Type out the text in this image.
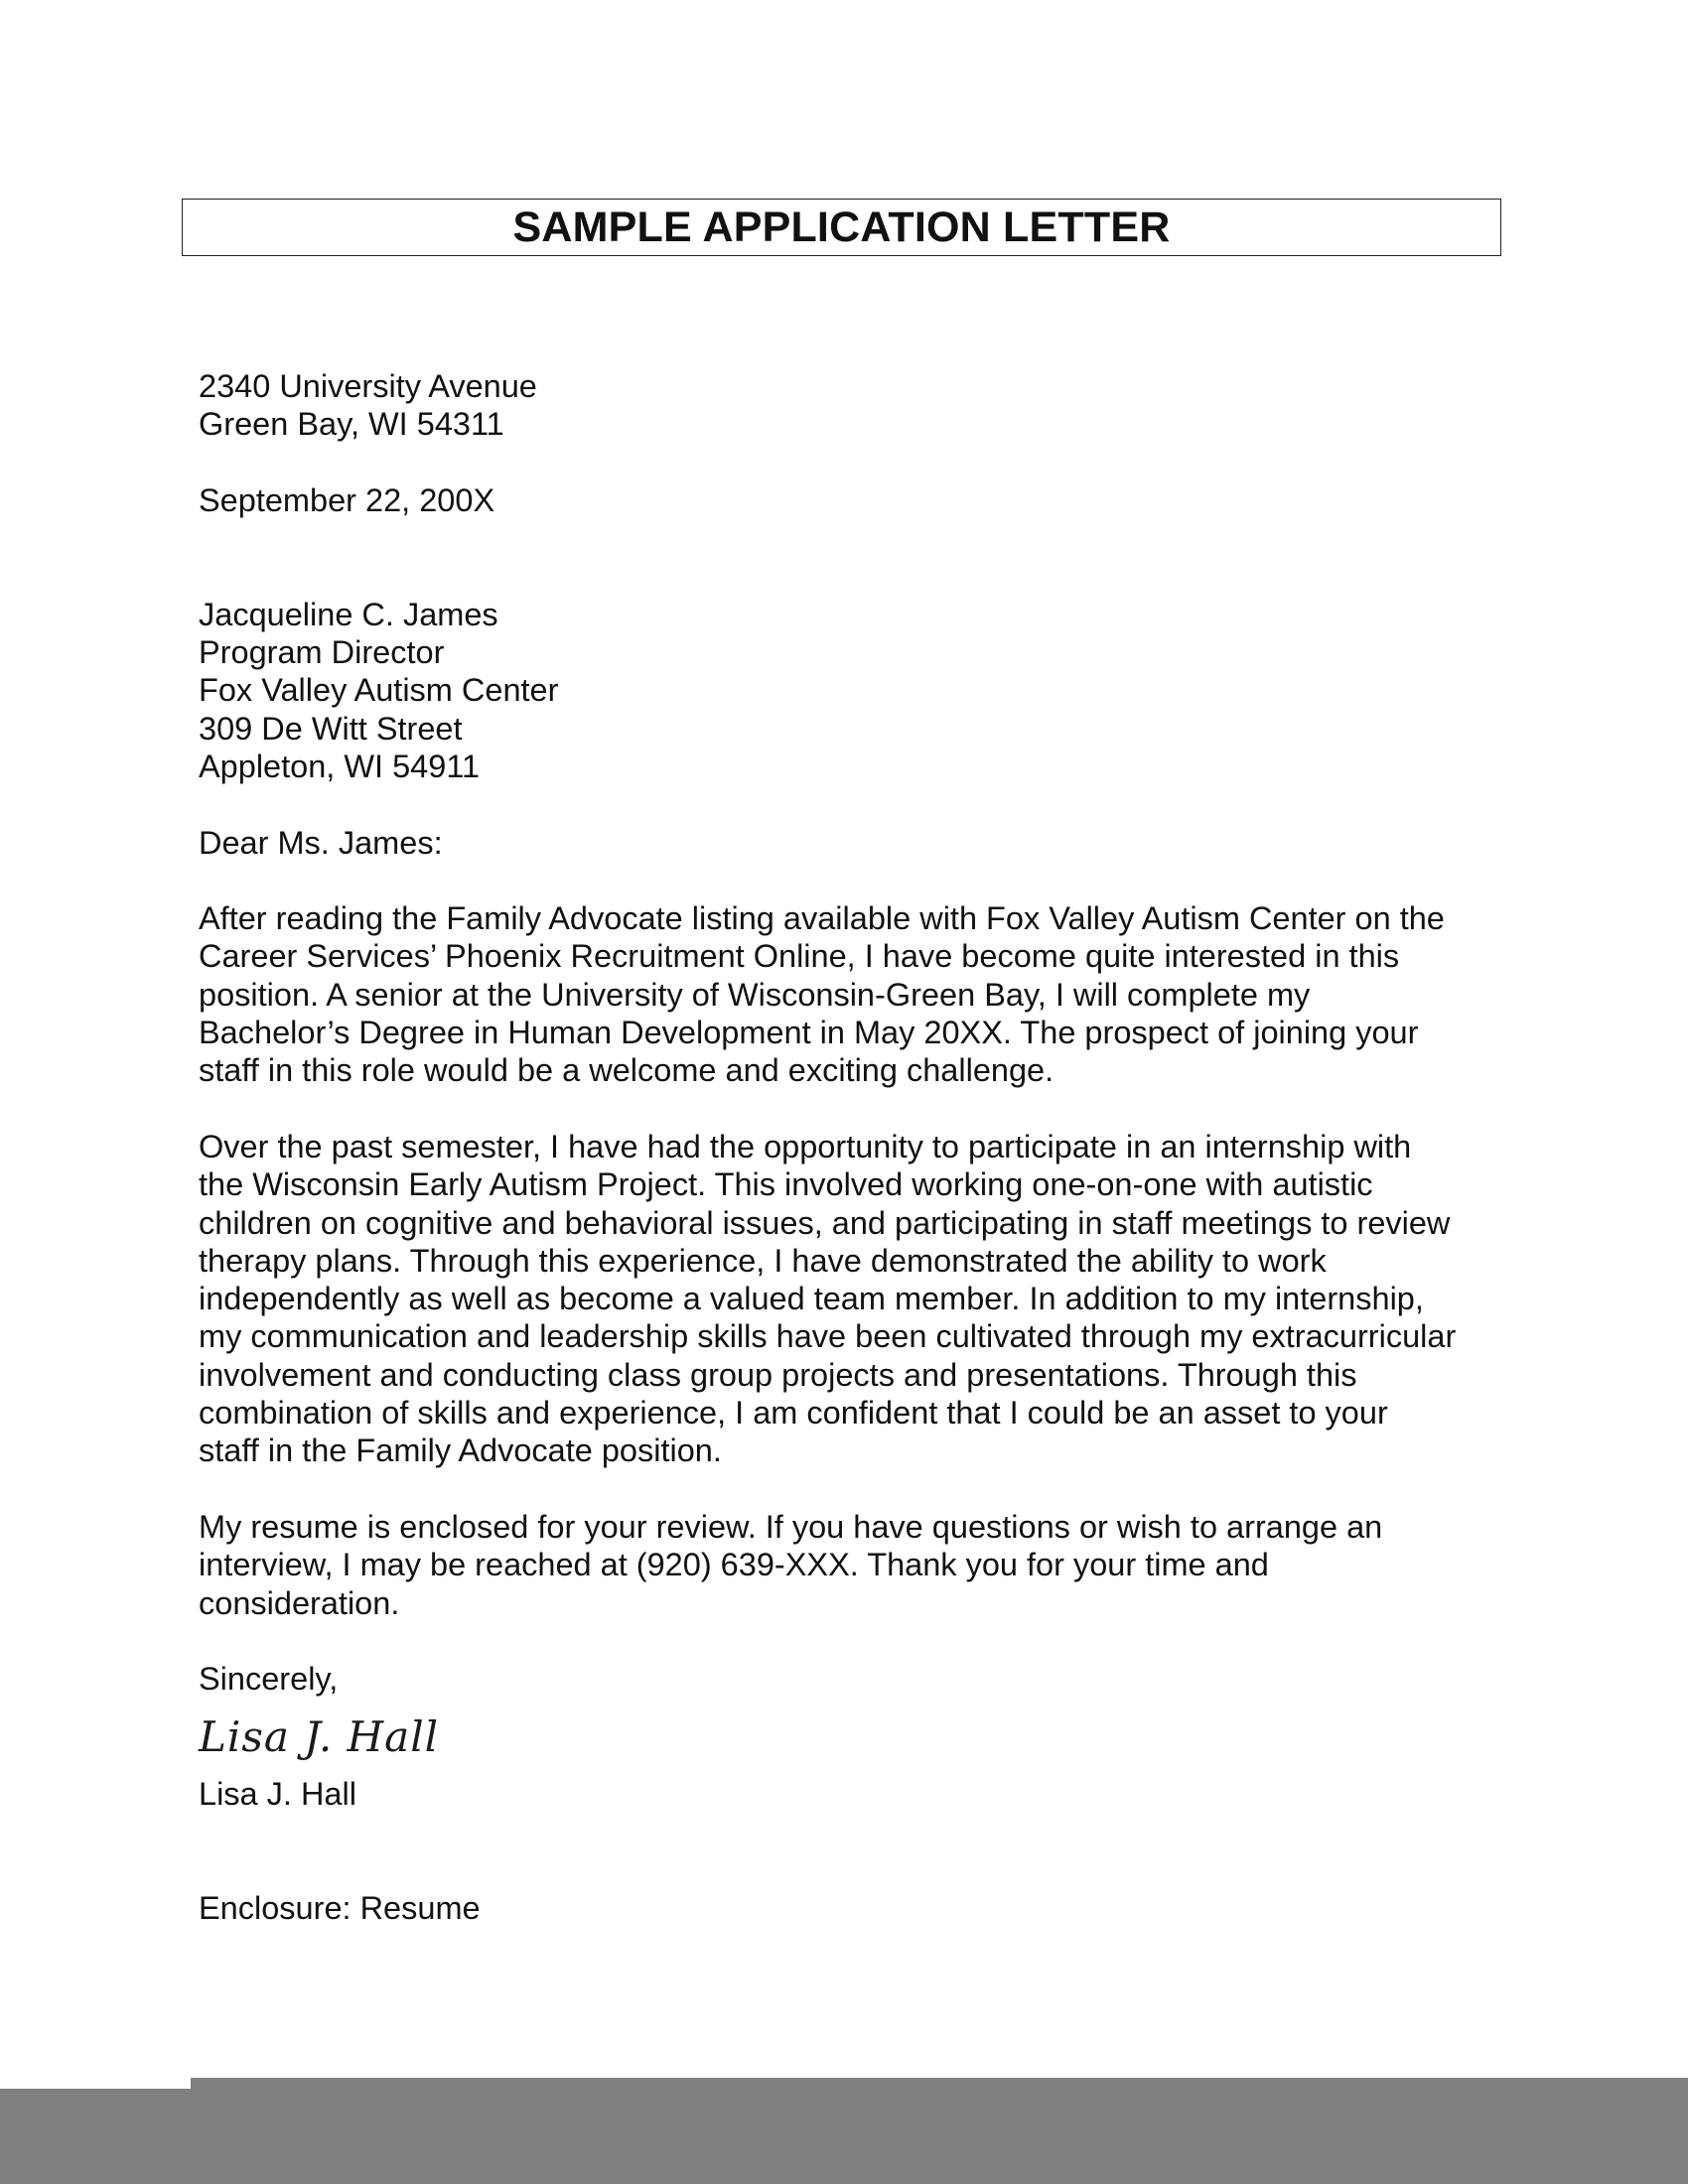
SAMPLE APPLICATION LETTER
2340 University Avenue
Green Bay, WI 54311
September 22, 200X
Jacqueline C. James
Program Director
Fox Valley Autism Center
309 De Witt Street
Appleton, WI 54911
Dear Ms. James:
After reading the Family Advocate listing available with Fox Valley Autism Center on the
Career Services’ Phoenix Recruitment Online, I have become quite interested in this
position. A senior at the University of Wisconsin-Green Bay, I will complete my
Bachelor’s Degree in Human Development in May 20XX. The prospect of joining your
staff in this role would be a welcome and exciting challenge.
Over the past semester, I have had the opportunity to participate in an internship with
the Wisconsin Early Autism Project. This involved working one-on-one with autistic
children on cognitive and behavioral issues, and participating in staff meetings to review
therapy plans. Through this experience, I have demonstrated the ability to work
independently as well as become a valued team member. In addition to my internship,
my communication and leadership skills have been cultivated through my extracurricular
involvement and conducting class group projects and presentations. Through this
combination of skills and experience, I am confident that I could be an asset to your
staff in the Family Advocate position.
My resume is enclosed for your review. If you have questions or wish to arrange an
interview, I may be reached at (920) 639-XXX. Thank you for your time and
consideration.
Sincerely,
Lisa J. Hall
Lisa J. Hall
Enclosure: Resume
